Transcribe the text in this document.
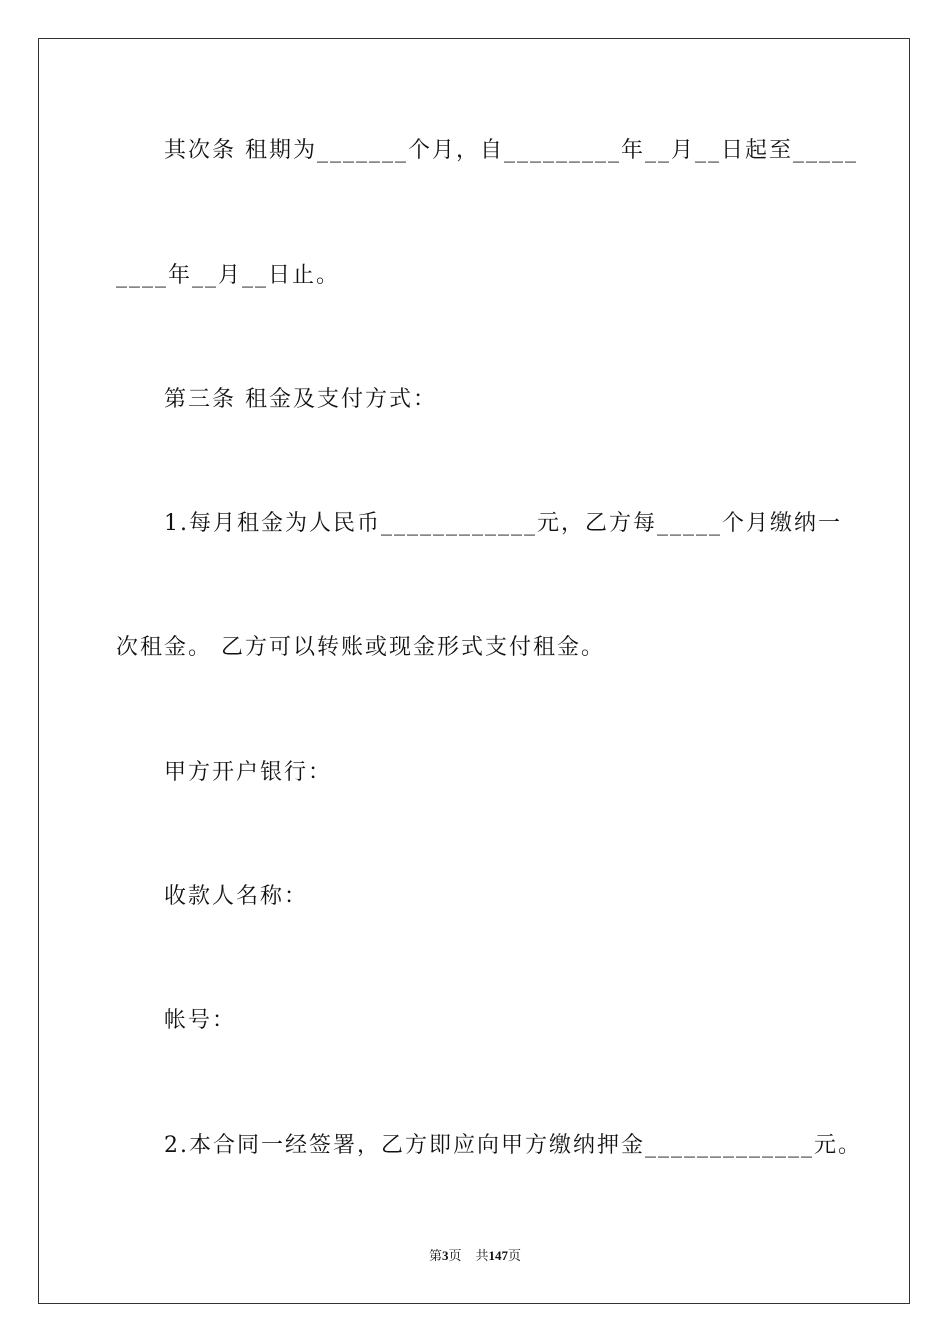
其次条 租期为_______个月，自_________年__月__日起至_____
____年__月__日止。
第三条 租金及支付方式：
1.每月租金为人民币____________元，乙方每_____个月缴纳一
次租金。 乙方可以转账或现金形式支付租金。
甲方开户银行：
收款人名称：
帐号：
2.本合同一经签署，乙方即应向甲方缴纳押金_____________元。
第3页 共147页
